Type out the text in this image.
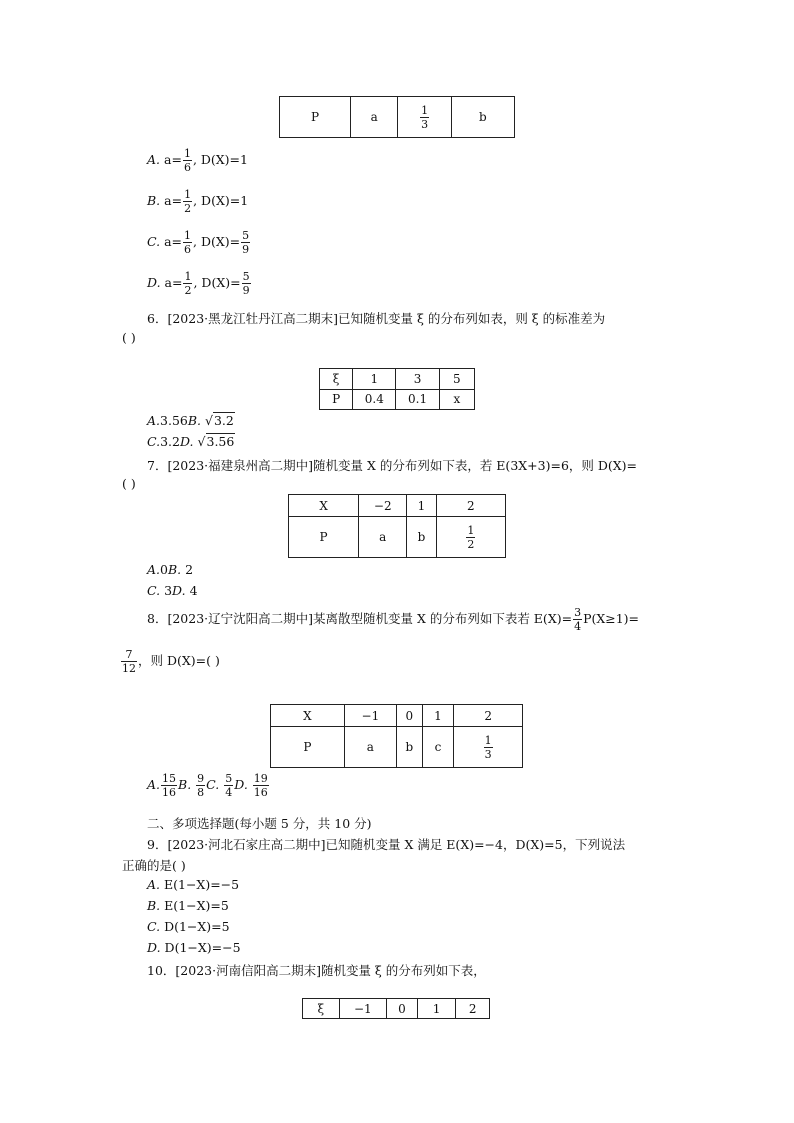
P	a	$\frac{1}{3}$	b
A. $a= \frac{1}{6}$ , D(X)=1
B. $a= \frac{1}{2}$ , D(X)=1
C. $a= \frac{1}{6}$ , $D(X)= \frac{5}{9}$
D. $a= \frac{1}{2}$ , $D(X)= \frac{5}{9}$
6．[2023·黑龙江牡丹江高二期末]已知随机变量 ξ 的分布列如表，则 ξ 的标准差为
( )
ξ	1	3	5
P	0.4	0.1	x
A.3.56B. √3.2
C.3.2D. √3.56
7．[2023·福建泉州高二期中]随机变量 X 的分布列如下表，若 E(3X+3)=6，则 D(X)=
( )
X	−2	1	2
P	a	b	$\frac{1}{2}$
A.0B. 2
C. 3D. 4
8．[2023·辽宁沈阳高二期中]某离散型随机变量 X 的分布列如下表若 $E(X)= \frac{3}{4} P(X\ge 1)=$
$\frac{7}{12}$ ，则 D(X)=( )
X	−1	0	1	2
P	a	b	c	$\frac{1}{3}$
A. $\frac{15}{16} B$. $\frac{9}{8} C$. $\frac{5}{4} D$. $\frac{19}{16}$
二、多项选择题(每小题 5 分，共 10 分)
9．[2023·河北石家庄高二期中]已知随机变量 X 满足 E(X)=−4，D(X)=5，下列说法
正确的是( )
A. E(1−X)=−5
B. E(1−X)=5
C. D(1−X)=5
D. D(1−X)=−5
10．[2023·河南信阳高二期末]随机变量 ξ 的分布列如下表，
ξ	−1	0	1	2
